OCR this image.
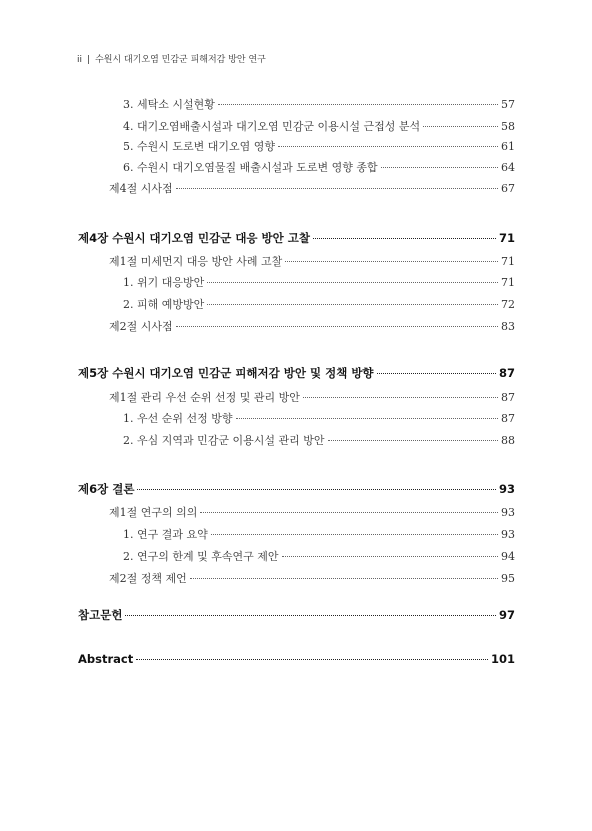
ii | 수원시 대기오염 민감군 피해저감 방안 연구
3. 세탁소 시설현황	57
4. 대기오염배출시설과 대기오염 민감군 이용시설 근접성 분석	58
5. 수원시 도로변 대기오염 영향	61
6. 수원시 대기오염물질 배출시설과 도로변 영향 종합	64
제4절 시사점	67
제4장 수원시 대기오염 민감군 대응 방안 고찰	71
제1절 미세먼지 대응 방안 사례 고찰	71
1. 위기 대응방안	71
2. 피해 예방방안	72
제2절 시사점	83
제5장 수원시 대기오염 민감군 피해저감 방안 및 정책 방향	87
제1절 관리 우선 순위 선정 및 관리 방안	87
1. 우선 순위 선정 방향	87
2. 우심 지역과 민감군 이용시설 관리 방안	88
제6장 결론	93
제1절 연구의 의의	93
1. 연구 결과 요약	93
2. 연구의 한계 및 후속연구 제안	94
제2절 정책 제언	95
참고문헌	97
Abstract	101
